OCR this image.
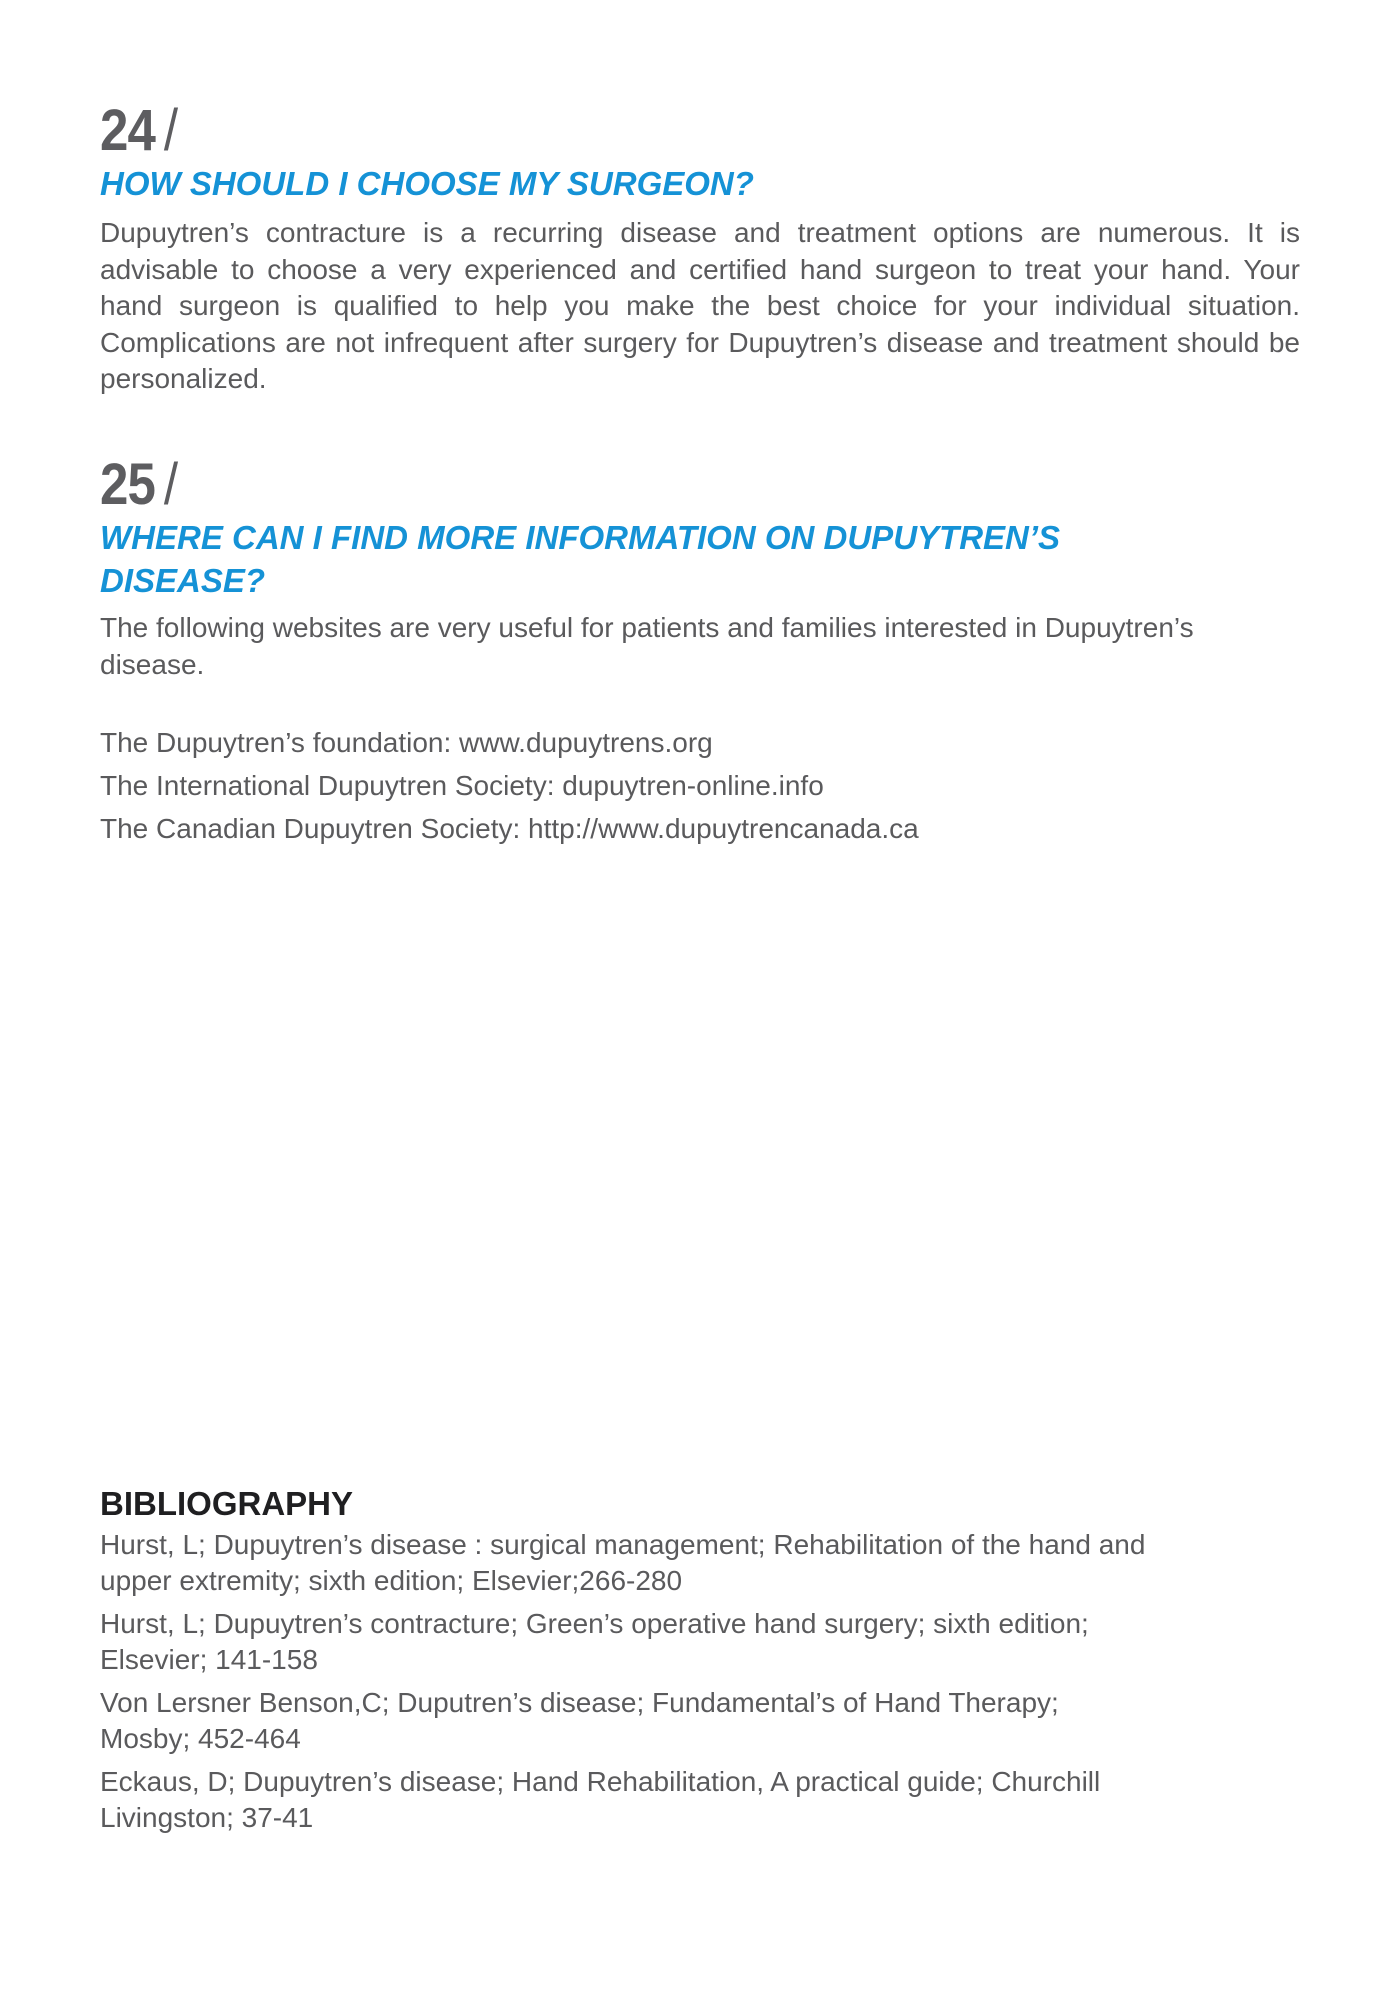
24 /
HOW SHOULD I CHOOSE MY SURGEON?

Dupuytren’s contracture is a recurring disease and treatment options are numerous. It is advisable to choose a very experienced and certified hand surgeon to treat your hand. Your hand surgeon is qualified to help you make the best choice for your individual situation. Complications are not infrequent after surgery for Dupuytren’s disease and treatment should be personalized.

25 /
WHERE CAN I FIND MORE INFORMATION ON DUPUYTREN’S
DISEASE?

The following websites are very useful for patients and families interested in Dupuytren’s disease.

The Dupuytren’s foundation: www.dupuytrens.org
The International Dupuytren Society: dupuytren-online.info
The Canadian Dupuytren Society: http://www.dupuytrencanada.ca
BIBLIOGRAPHY
Hurst, L; Dupuytren’s disease : surgical management; Rehabilitation of the hand and
upper extremity; sixth edition; Elsevier;266-280
Hurst, L; Dupuytren’s contracture; Green’s operative hand surgery; sixth edition;
Elsevier; 141-158
Von Lersner Benson,C; Duputren’s disease; Fundamental’s of Hand Therapy;
Mosby; 452-464
Eckaus, D; Dupuytren’s disease; Hand Rehabilitation, A practical guide; Churchill
Livingston; 37-41
